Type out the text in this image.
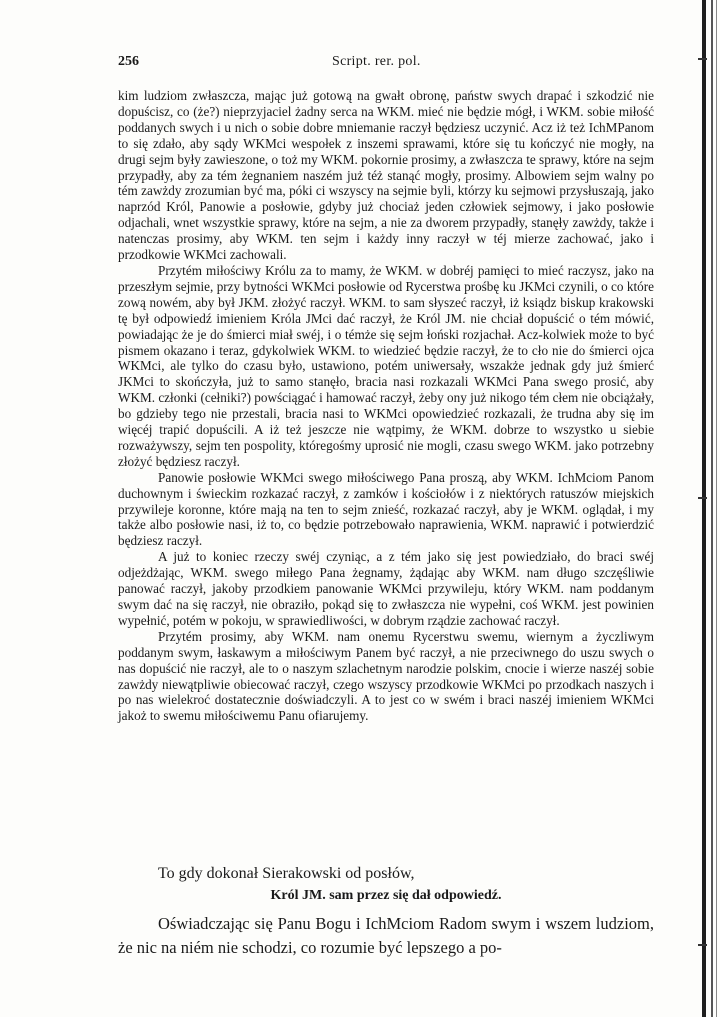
256	Script. rer. pol.

kim ludziom zwłaszcza, mając już gotową na gwałt obronę, państw swych drapać i szkodzić nie dopuścisz, co (że?) nieprzyjaciel żadny serca na WKM. mieć nie będzie mógł, i WKM. sobie miłość poddanych swych i u nich o sobie dobre mniemanie raczył będziesz uczynić. Acz iż też IchMPanom to się zdało, aby sądy WKMci wespołek z inszemi sprawami, które się tu kończyć nie mogły, na drugi sejm były zawieszone, o toż my WKM. pokornie prosimy, a zwłaszcza te sprawy, które na sejm przypadły, aby za tém żegnaniem naszém już téż stanąć mogły, prosimy. Albowiem sejm walny po tém zawżdy zrozumian być ma, póki ci wszyscy na sejmie byli, którzy ku sejmowi przysłuszają, jako naprzód Król, Panowie a posłowie, gdyby już chociaż jeden człowiek sejmowy, i jako posłowie odjachali, wnet wszystkie sprawy, które na sejm, a nie za dworem przypadły, stanęły zawżdy, także i natenczas prosimy, aby WKM. ten sejm i każdy inny raczył w téj mierze zachować, jako i przodkowie WKMci zachowali.

Przytém miłościwy Królu za to mamy, że WKM. w dobréj pamięci to mieć raczysz, jako na przeszłym sejmie, przy bytności WKMci posłowie od Rycerstwa prośbę ku JKMci czynili, o co które zową nowém, aby był JKM. złożyć raczył. WKM. to sam słyszeć raczył, iż ksiądz biskup krakowski tę był odpowiedź imieniem Króla JMci dać raczył, że Król JM. nie chciał dopuścić o tém mówić, powiadając że je do śmierci miał swéj, i o témże się sejm łoński rozjachał. Acz-kolwiek może to być pismem okazano i teraz, gdykolwiek WKM. to wiedzieć będzie raczył, że to cło nie do śmierci ojca WKMci, ale tylko do czasu było, ustawiono, potém uniwersały, wszakże jednak gdy już śmierć JKMci to skończyła, już to samo stanęło, bracia nasi rozkazali WKMci Pana swego prosić, aby WKM. członki (cełniki?) powściągać i hamować raczył, żeby ony już nikogo tém cłem nie obciążały, bo gdzieby tego nie przestali, bracia nasi to WKMci opowiedzieć rozkazali, że trudna aby się im więcéj trapić dopuścili. A iż też jeszcze nie wątpimy, że WKM. dobrze to wszystko u siebie rozważywszy, sejm ten pospolity, któregośmy uprosić nie mogli, czasu swego WKM. jako potrzebny złożyć będziesz raczył.

Panowie posłowie WKMci swego miłościwego Pana proszą, aby WKM. IchMciom Panom duchownym i świeckim rozkazać raczył, z zamków i kościołów i z niektórych ratuszów miejskich przywileje koronne, które mają na ten to sejm znieść, rozkazać raczył, aby je WKM. oglądał, i my także albo posłowie nasi, iż to, co będzie potrzebowało naprawienia, WKM. naprawić i potwierdzić będziesz raczył.

A już to koniec rzeczy swéj czyniąc, a z tém jako się jest powiedziało, do braci swéj odjeżdżając, WKM. swego miłego Pana żegnamy, żądając aby WKM. nam długo szczęśliwie panować raczył, jakoby przodkiem panowanie WKMci przywileju, który WKM. nam poddanym swym dać na się raczył, nie obraziło, pokąd się to zwłaszcza nie wypełni, coś WKM. jest powinien wypełnić, potém w pokoju, w sprawiedliwości, w dobrym rządzie zachować raczył.

Przytém prosimy, aby WKM. nam onemu Rycerstwu swemu, wiernym a życzliwym poddanym swym, łaskawym a miłościwym Panem być raczył, a nie przeciwnego do uszu swych o nas dopuścić nie raczył, ale to o naszym szlachetnym narodzie polskim, cnocie i wierze naszéj sobie zawżdy niewątpliwie obiecować raczył, czego wszyscy przodkowie WKMci po przodkach naszych i po nas wielekroć dostatecznie doświadczyli. A to jest co w swém i braci naszéj imieniem WKMci jakoż to swemu miłościwemu Panu ofiarujemy.

To gdy dokonał Sierakowski od posłów,
Król JM. sam przez się dał odpowiedź.

Oświadczając się Panu Bogu i IchMciom Radom swym i wszem ludziom, że nic na niém nie schodzi, co rozumie być lepszego a po-
